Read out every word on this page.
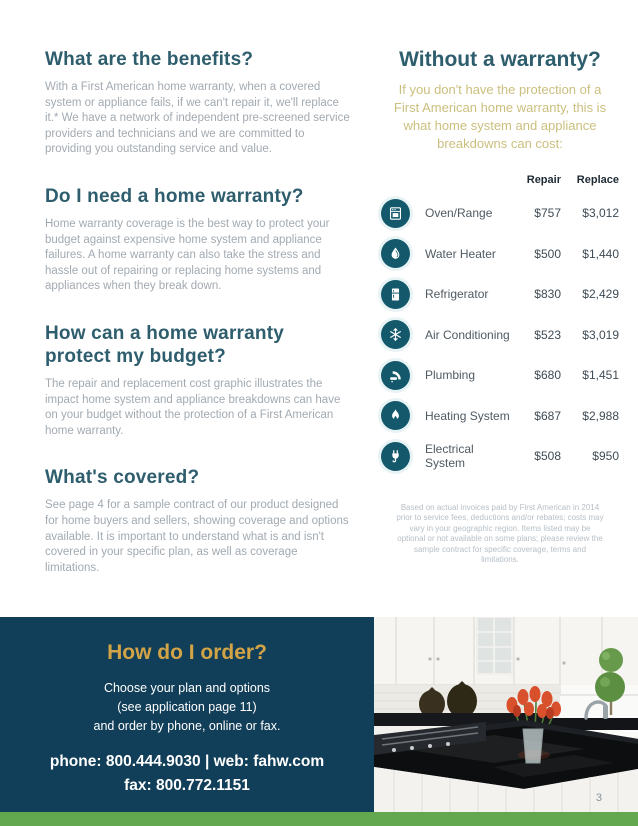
What are the benefits?

With a First American home warranty, when a covered system or appliance fails, if we can't repair it, we'll replace it.* We have a network of independent pre-screened service providers and technicians and we are committed to providing you outstanding service and value.

Do I need a home warranty?

Home warranty coverage is the best way to protect your budget against expensive home system and appliance failures. A home warranty can also take the stress and hassle out of repairing or replacing home systems and appliances when they break down.

How can a home warranty protect my budget?

The repair and replacement cost graphic illustrates the impact home system and appliance breakdowns can have on your budget without the protection of a First American home warranty.

What's covered?

See page 4 for a sample contract of our product designed for home buyers and sellers, showing coverage and options available. It is important to understand what is and isn't covered in your specific plan, as well as coverage limitations.

Without a warranty?

If you don't have the protection of a First American home warranty, this is what home system and appliance breakdowns can cost:

Repair	Replace
Oven/Range	$757	$3,012
Water Heater	$500	$1,440
Refrigerator	$830	$2,429
Air Conditioning	$523	$3,019
Plumbing	$680	$1,451
Heating System	$687	$2,988
Electrical System	$508	$950

Based on actual invoices paid by First American in 2014 prior to service fees, deductions and/or rebates; costs may vary in your geographic region. Items listed may be optional or not available on some plans; please review the sample contract for specific coverage, terms and limitations.

How do I order?
Choose your plan and options
(see application page 11)
and order by phone, online or fax.
phone: 800.444.9030 | web: fahw.com
fax: 800.772.1151
3
